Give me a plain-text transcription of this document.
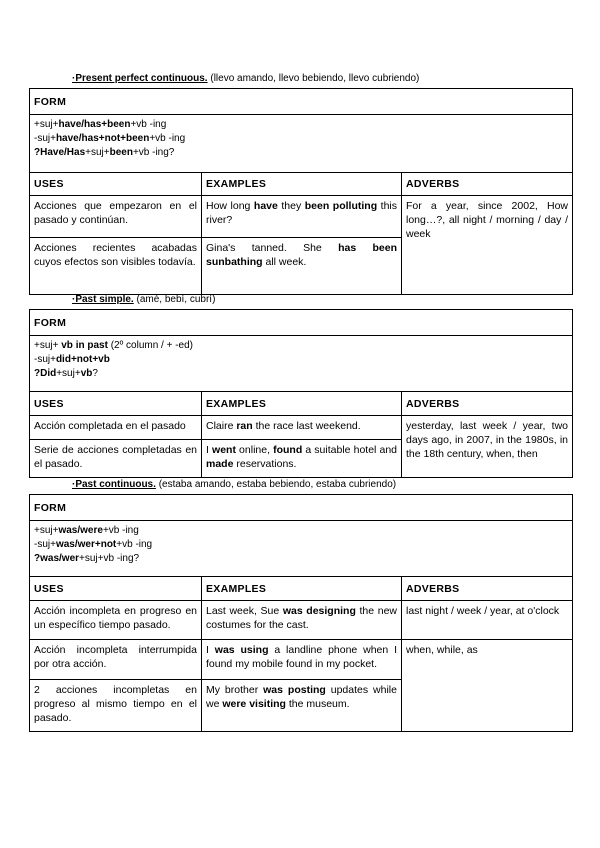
·Present perfect continuous. (llevo amando, llevo bebiendo, llevo cubriendo)
FORM		

+suj+have/has+been+vb -ing
-suj+have/has+not+been+vb -ing
?Have/Has+suj+been+vb -ing?		

USES	EXAMPLES	ADVERBS
Acciones que empezaron en el pasado y continúan.	How long have they been polluting this river?	For a year, since 2002, How long…?, all night / morning / day / week
Acciones recientes acabadas cuyos efectos son visibles todavía.	Gina's tanned. She has been sunbathing all week.	
·Past simple. (amé, bebí, cubrí)
FORM		

+suj+ vb in past (2º column / + -ed)
-suj+did+not+vb
?Did+suj+vb?		

USES	EXAMPLES	ADVERBS
Acción completada en el pasado	Claire ran the race last weekend.	yesterday, last week / year, two days ago, in 2007, in the 1980s, in the 18th century, when, then
Serie de acciones completadas en el pasado.	I went online, found a suitable hotel and made reservations.	
·Past continuous. (estaba amando, estaba bebiendo, estaba cubriendo)
FORM		

+suj+was/were+vb -ing
-suj+was/wer+not+vb -ing
?was/wer+suj+vb -ing?		

USES	EXAMPLES	ADVERBS
Acción incompleta en progreso en un específico tiempo pasado.	Last week, Sue was designing the new costumes for the cast.	last night / week / year, at o'clock
Acción incompleta interrumpida por otra acción.	I was using a landline phone when I found my mobile found in my pocket.	when, while, as
2 acciones incompletas en progreso al mismo tiempo en el pasado.	My brother was posting updates while we were visiting the museum.	
